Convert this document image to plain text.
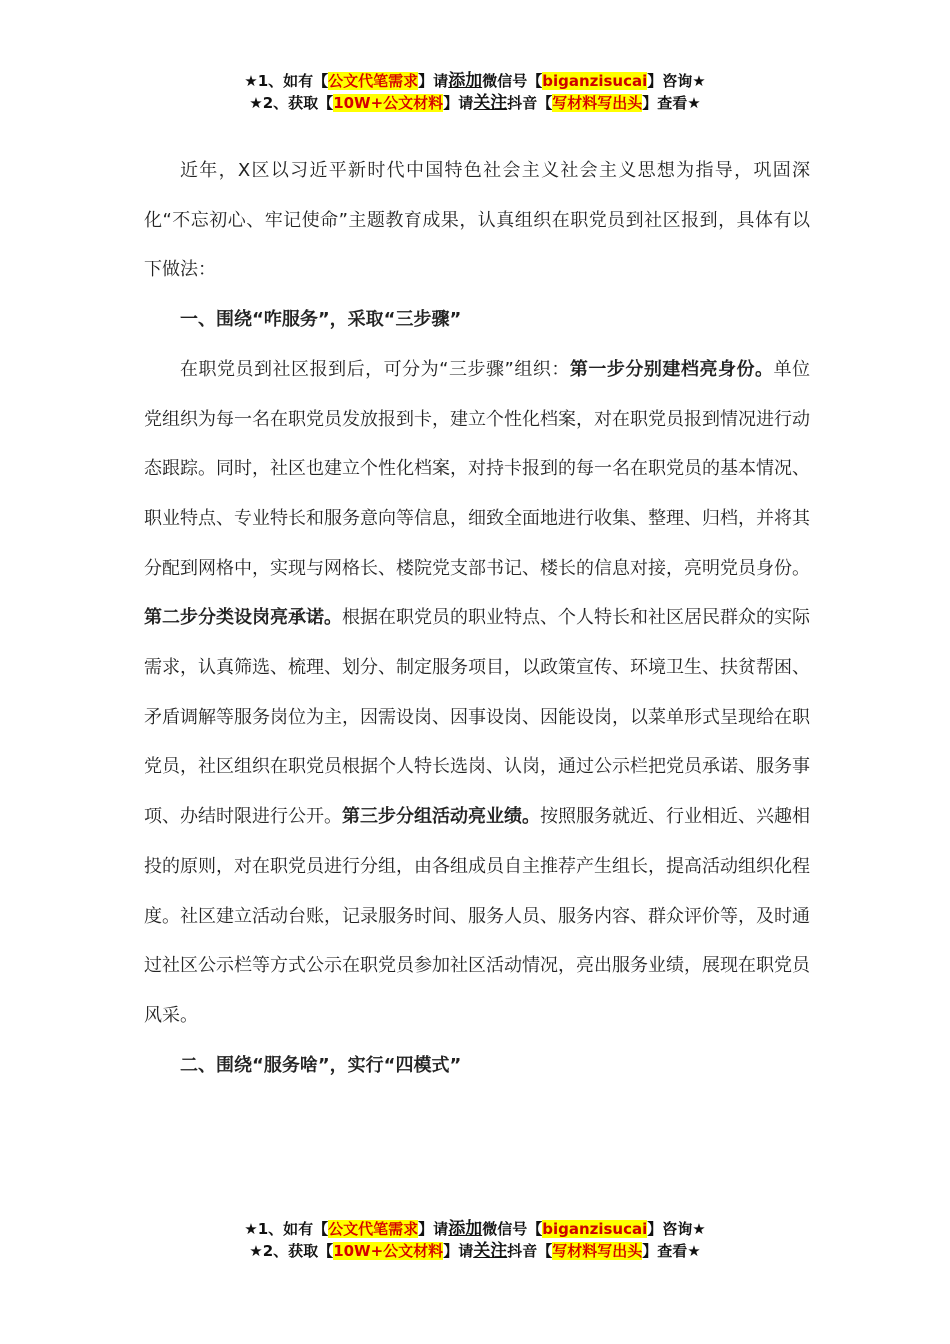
★1、如有【公文代笔需求】请添加微信号【biganzisucai】咨询★
★2、获取【10W+公文材料】请关注抖音【写材料写出头】查看★

近年，X区以习近平新时代中国特色社会主义社会主义思想为指导，巩固深化“不忘初心、牢记使命”主题教育成果，认真组织在职党员到社区报到，具体有以下做法：

一、围绕“咋服务”，采取“三步骤”

在职党员到社区报到后，可分为“三步骤”组织：第一步分别建档亮身份。单位党组织为每一名在职党员发放报到卡，建立个性化档案，对在职党员报到情况进行动态跟踪。同时，社区也建立个性化档案，对持卡报到的每一名在职党员的基本情况、职业特点、专业特长和服务意向等信息，细致全面地进行收集、整理、归档，并将其分配到网格中，实现与网格长、楼院党支部书记、楼长的信息对接，亮明党员身份。第二步分类设岗亮承诺。根据在职党员的职业特点、个人特长和社区居民群众的实际需求，认真筛选、梳理、划分、制定服务项目，以政策宣传、环境卫生、扶贫帮困、矛盾调解等服务岗位为主，因需设岗、因事设岗、因能设岗，以菜单形式呈现给在职党员，社区组织在职党员根据个人特长选岗、认岗，通过公示栏把党员承诺、服务事项、办结时限进行公开。第三步分组活动亮业绩。按照服务就近、行业相近、兴趣相投的原则，对在职党员进行分组，由各组成员自主推荐产生组长，提高活动组织化程度。社区建立活动台账，记录服务时间、服务人员、服务内容、群众评价等，及时通过社区公示栏等方式公示在职党员参加社区活动情况，亮出服务业绩，展现在职党员风采。

二、围绕“服务啥”，实行“四模式”

★1、如有【公文代笔需求】请添加微信号【biganzisucai】咨询★
★2、获取【10W+公文材料】请关注抖音【写材料写出头】查看★
